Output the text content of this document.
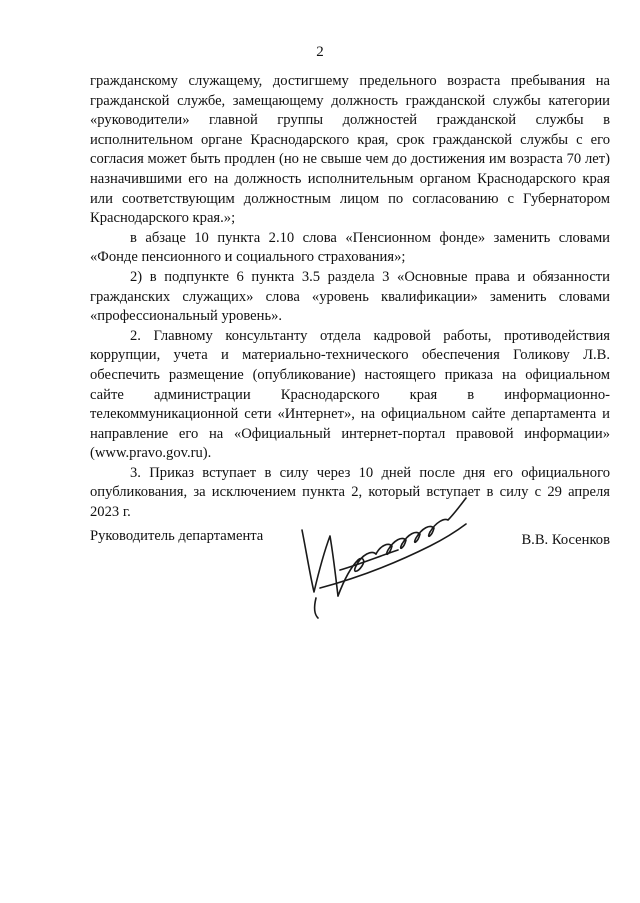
2

гражданскому служащему, достигшему предельного возраста пребывания на гражданской службе, замещающему должность гражданской службы категории «руководители» главной группы должностей гражданской службы в исполнительном органе Краснодарского края, срок гражданской службы с его согласия может быть продлен (но не свыше чем до достижения им возраста 70 лет) назначившими его на должность исполнительным органом Краснодарского края или соответствующим должностным лицом по согласованию с Губернатором Краснодарского края.»;

в абзаце 10 пункта 2.10 слова «Пенсионном фонде» заменить словами «Фонде пенсионного и социального страхования»;

2) в подпункте 6 пункта 3.5 раздела 3 «Основные права и обязанности гражданских служащих» слова «уровень квалификации» заменить словами «профессиональный уровень».

2. Главному консультанту отдела кадровой работы, противодействия коррупции, учета и материально-технического обеспечения Голикову Л.В. обеспечить размещение (опубликование) настоящего приказа на официальном сайте администрации Краснодарского края в информационно-телекоммуникационной сети «Интернет», на официальном сайте департамента и направление его на «Официальный интернет-портал правовой информации» (www.pravo.gov.ru).

3. Приказ вступает в силу через 10 дней после дня его официального опубликования, за исключением пункта 2, который вступает в силу с 29 апреля 2023 г.

Руководитель департамента	В.В. Косенков
